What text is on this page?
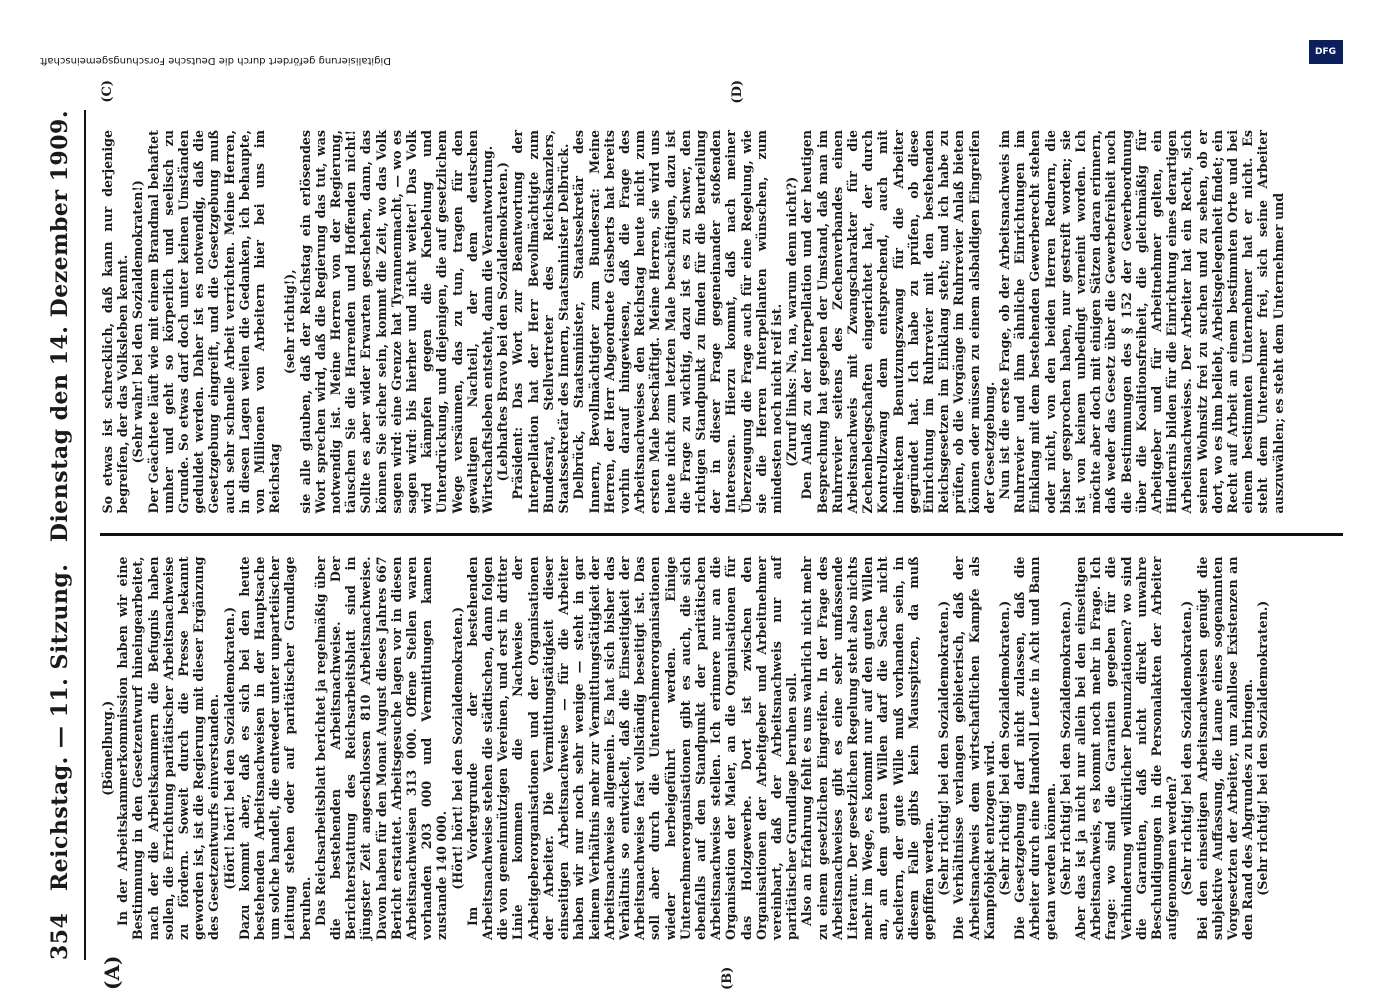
354
Reichstag. — 11. Sitzung.
Dienstag den 14. Dezember 1909.
(A)	(B)
(C)	(D)

(Bömelburg.) In der Arbeitskammerkommission haben wir eine Bestimmung in den Gesetzentwurf hineingearbeitet, nach der die Arbeitskammern die Befugnis haben sollen, die Errichtung paritätischer Arbeitsnachweise zu fördern. Soweit durch die Presse bekannt geworden ist, ist die Regierung mit dieser Ergänzung des Gesetzentwurfs einverstanden. (Hört! hört! bei den Sozialdemokraten.) Dazu kommt aber, daß es sich bei den heute bestehenden Arbeitsnachweisen in der Hauptsache um solche handelt, die entweder unter unparteiischer Leitung stehen oder auf paritätischer Grundlage beruhen. Das Reichsarbeitsblatt berichtet ja regelmäßig über die bestehenden Arbeitsnachweise. Der Berichterstattung des Reichsarbeitsblatt sind in jüngster Zeit angeschlossen 810 Arbeitsnachweise. Davon haben für den Monat August dieses Jahres 667 Bericht erstattet. Arbeitsgesuche lagen vor in diesen Arbeitsnachweisen 313 000. Offene Stellen waren vorhanden 203 000 und Vermittlungen kamen zustande 140 000. (Hört! hört! bei den Sozialdemokraten.) Im Vordergrunde der bestehenden Arbeitsnachweise stehen die städtischen, dann folgen die von gemeinnützigen Vereinen, und erst in dritter Linie kommen die Nachweise der Arbeitgeberorganisationen und der Organisationen der Arbeiter. Die Vermittlungstätigkeit dieser einseitigen Arbeitsnachweise — für die Arbeiter haben wir nur noch sehr wenige — steht in gar keinem Verhältnis mehr zur Vermittlungstätigkeit der Arbeitsnachweise allgemein. Es hat sich bisher das Verhältnis so entwickelt, daß die Einseitigkeit der Arbeitsnachweise fast vollständig beseitigt ist. Das soll aber durch die Unternehmerorganisationen wieder herbeigeführt werden. Einige Unternehmerorganisationen gibt es auch, die sich ebenfalls auf den Standpunkt der paritätischen Arbeitsnachweise stellen. Ich erinnere nur an die Organisation der Maler, an die Organisationen für das Holzgewerbe. Dort ist zwischen den Organisationen der Arbeitgeber und Arbeitnehmer vereinbart, daß der Arbeitsnachweis nur auf paritätischer Grundlage beruhen soll. Also an Erfahrung fehlt es uns wahrlich nicht mehr zu einem gesetzlichen Eingreifen. In der Frage des Arbeitsnachweises gibt es eine sehr umfassende Literatur. Der gesetzlichen Regelung steht also nichts mehr im Wege, es kommt nur auf den guten Willen an, an dem guten Willen darf die Sache nicht scheitern, der gute Wille muß vorhanden sein, in diesem Falle gibts kein Mausspitzen, da muß gepfiffen werden. (Sehr richtig! bei den Sozialdemokraten.) Die Verhältnisse verlangen gebieterisch, daß der Arbeitsnachweis dem wirtschaftlichen Kampfe als Kampfobjekt entzogen wird. (Sehr richtig! bei den Sozialdemokraten.) Die Gesetzgebung darf nicht zulassen, daß die Arbeiter durch eine Handvoll Leute in Acht und Bann getan werden können. (Sehr richtig! bei den Sozialdemokraten.) Aber das ist ja nicht nur allein bei den einseitigen Arbeitsnachweis, es kommt noch mehr in Frage. Ich frage: wo sind die Garantien gegeben für die Verhinderung willkürlicher Denunziationen? wo sind die Garantien, daß nicht direkt unwahre Beschuldigungen in die Personalakten der Arbeiter aufgenommen werden? (Sehr richtig! bei den Sozialdemokraten.) Bei den einseitigen Arbeitsnachweisen genügt die subjektive Auffassung, die Laune eines sogenannten Vorgesetzten der Arbeiter, um zahllose Existenzen an den Rand des Abgrundes zu bringen. (Sehr richtig! bei den Sozialdemokraten.)

So etwas ist schrecklich, daß kann nur derjenige begreifen, der das Volksleben kennt. (Sehr wahr! bei den Sozialdemokraten!) Der Geächtete läuft wie mit einem Brandmal behaftet umher und geht so körperlich und seelisch zu Grunde. So etwas darf doch unter keinen Umständen geduldet werden. Daher ist es notwendig, daß die Gesetzgebung eingreift, und die Gesetzgebung muß auch sehr schnelle Arbeit verrichten. Meine Herren, in diesen Lagen weilen die Gedanken, ich behaupte, von Millionen von Arbeitern hier bei uns im Reichstag

(sehr richtig!), sie alle glauben, daß der Reichstag ein erlösendes Wort sprechen wird, daß die Regierung das tut, was notwendig ist. Meine Herren von der Regierung, täuschen Sie die Harrenden und Hoffenden nicht! Sollte es aber wider Erwarten geschehen, dann, das können Sie sicher sein, kommt die Zeit, wo das Volk sagen wird: eine Grenze hat Tyrannenmacht, — wo es sagen wird: bis hierher und nicht weiter! Das Volk wird kämpfen gegen die Knebelung und Unterdrückung, und diejenigen, die auf gesetzlichem Wege versäumen, das zu tun, tragen für den gewaltigen Nachteil, der dem deutschen Wirtschaftsleben entsteht, dann die Verantwortung. (Lebhaftes Bravo bei den Sozialdemokraten.) Präsident: Das Wort zur Beantwortung der Interpellation hat der Herr Bevollmächtigte zum Bundesrat, Stellvertreter des Reichskanzlers, Staatssekretär des Innern, Staatsminister Delbrück. Delbrück, Staatsminister, Staatssekretär des Innern, Bevollmächtigter zum Bundesrat: Meine Herren, der Herr Abgeordnete Giesberts hat bereits vorhin darauf hingewiesen, daß die Frage des Arbeitsnachweises den Reichstag heute nicht zum ersten Male beschäftigt. Meine Herren, sie wird uns heute nicht zum letzten Male beschäftigen, dazu ist die Frage zu wichtig, dazu ist es zu schwer, den richtigen Standpunkt zu finden für die Beurteilung der in dieser Frage gegeneinander stoßenden Interessen. Hierzu kommt, daß nach meiner Überzeugung die Frage auch für eine Regelung, wie sie die Herren Interpellanten wünschen, zum mindesten noch nicht reif ist. (Zuruf links: Na, na, warum denn nicht?) Den Anlaß zu der Interpellation und der heutigen Besprechung hat gegeben der Umstand, daß man im Ruhrrevier seitens des Zechenverbandes einen Arbeitsnachweis mit Zwangscharakter für die Zechenbelegschaften eingerichtet hat, der durch Kontrollzwang dem entsprechend, auch mit indirektem Benutzungszwang für die Arbeiter gegründet hat. Ich habe zu prüfen, ob diese Einrichtung im Ruhrrevier mit den bestehenden Reichsgesetzen im Einklang steht; und ich habe zu prüfen, ob die Vorgänge im Ruhrrevier Anlaß bieten können oder müssen zu einem alsbaldigen Eingreifen der Gesetzgebung. Nun ist die erste Frage, ob der Arbeitsnachweis im Ruhrrevier und ihm ähnliche Einrichtungen im Einklang mit dem bestehenden Gewerberecht stehen oder nicht, von den beiden Herren Rednern, die bisher gesprochen haben, nur gestreift worden; sie ist von keinem unbedingt verneint worden. Ich möchte aber doch mit einigen Sätzen daran erinnern, daß weder das Gesetz über die Gewerbefreiheit noch die Bestimmungen des § 152 der Gewerbeordnung über die Koalitionsfreiheit, die gleichmäßig für Arbeitgeber und für Arbeitnehmer gelten, ein Hindernis bilden für die Einrichtung eines derartigen Arbeitsnachweises. Der Arbeiter hat ein Recht, sich seinen Wohnsitz frei zu suchen und zu sehen, ob er dort, wo es ihm beliebt, Arbeitsgelegenheit findet; ein Recht auf Arbeit an einem bestimmten Orte und bei einem bestimmten Unternehmer hat er nicht. Es steht dem Unternehmer frei, sich seine Arbeiter auszuwählen; es steht dem Unternehmer und

Digitalisierung gefördert durch die Deutsche Forschungsgemeinschaft
DFG
